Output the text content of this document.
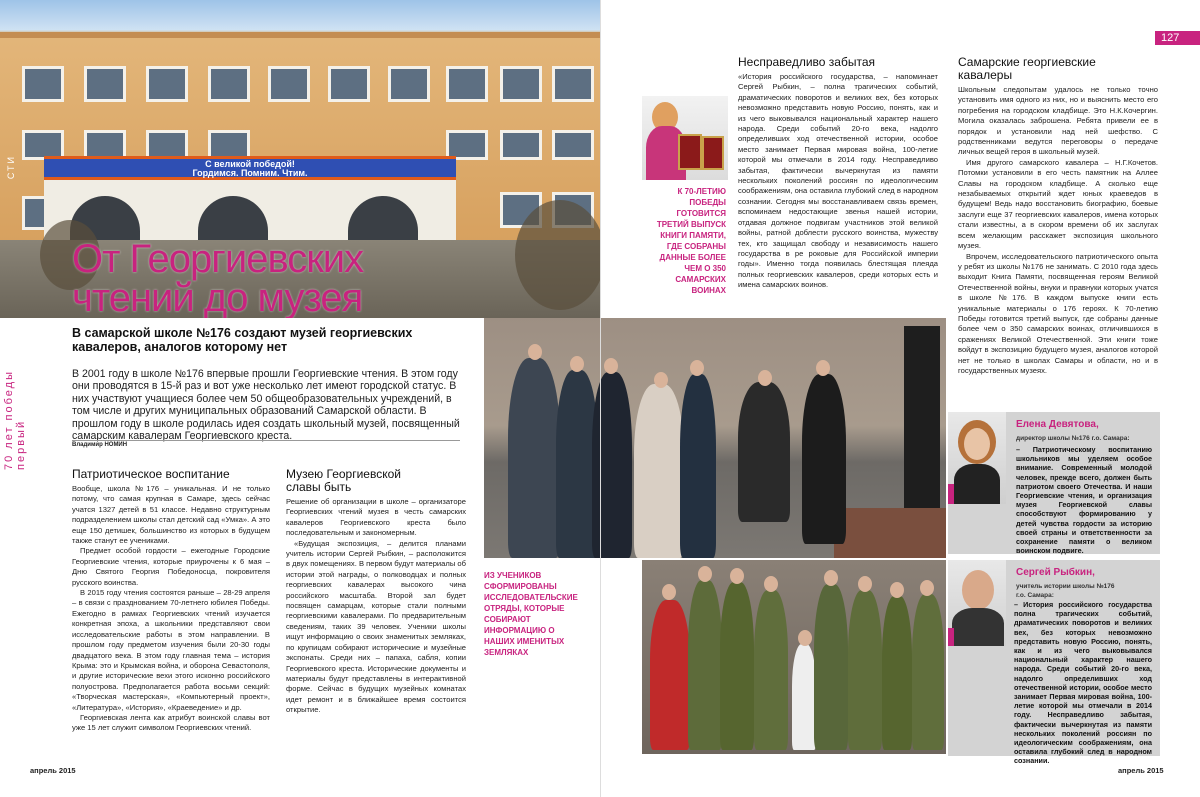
С великой победой!
Гордимся. Помним. Чтим.
СТИ
От Георгиевских
чтений до музея
70 лет победы первый
В самарской школе №176 создают музей георгиевских кавалеров, аналогов которому нет
В 2001 году в школе №176 впервые прошли Георгиевские чтения. В этом году они проводятся в 15-й раз и вот уже несколько лет имеют городской статус. В них участвуют учащиеся более чем 50 общеобразовательных учреждений, в том числе и других муниципальных образований Самарской области. В прошлом году в школе родилась идея создать школьный музей, посвященный самарским кавалерам Георгиевского креста.
Владимир НОМИН
Патриотическое воспитание

Вообще, школа №176 – уникальная. И не только потому, что самая крупная в Самаре, здесь сейчас учатся 1327 детей в 51 классе. Недавно структурным подразделением школы стал детский сад «Умка». А это еще 150 детишек, большинство из которых в будущем также станут ее учениками.

Предмет особой гордости – ежегодные Городские Георгиевские чтения, которые приурочены к 6 мая – Дню Святого Георгия Победоносца, покровителя русского воинства.

В 2015 году чтения состоятся раньше – 28-29 апреля – в связи с празднованием 70-летнего юбилея Победы. Ежегодно в рамках Георгиевских чтений изучается конкретная эпоха, а школьники представляют свои исследовательские работы в этом направлении. В прошлом году предметом изучения были 20-30 годы двадцатого века. В этом году главная тема – история Крыма: это и Крымская война, и оборона Севастополя, и другие исторические вехи этого исконно российского полуострова. Предполагается работа восьми секций: «Творческая мастерская», «Компьютерный проект», «Литература», «История», «Краеведение» и др.

Георгиевская лента как атрибут воинской славы вот уже 15 лет служит символом Георгиевских чтений.

Музею Георгиевской
славы быть

Решение об организации в школе – организаторе Георгиевских чтений музея в честь самарских кавалеров Георгиевского креста было последовательным и закономерным.

«Будущая экспозиция, – делится планами учитель истории Сергей Рыбкин, – расположится в двух помещениях. В первом будут материалы об истории этой награды, о полководцах и полных георгиевских кавалерах высокого чина российского масштаба. Второй зал будет посвящен самарцам, которые стали полными георгиевскими кавалерами. По предварительным сведениям, таких 39 человек. Ученики школы ищут информацию о своих знаменитых земляках, по крупицам собирают исторические и музейные экспонаты. Среди них – папаха, сабля, копии Георгиевского креста. Исторические документы и материалы будут представлены в интерактивной форме. Сейчас в будущих музейных комнатах идет ремонт и в ближайшее время состоится открытие.

ИЗ УЧЕНИКОВ СФОРМИРОВАНЫ ИССЛЕДОВАТЕЛЬСКИЕ ОТРЯДЫ, КОТОРЫЕ СОБИРАЮТ ИНФОРМАЦИЮ О НАШИХ ИМЕНИТЫХ ЗЕМЛЯКАХ
апрель 2015
127
К 70-ЛЕТИЮ ПОБЕДЫ ГОТОВИТСЯ ТРЕТИЙ ВЫПУСК КНИГИ ПАМЯТИ, ГДЕ СОБРАНЫ ДАННЫЕ БОЛЕЕ ЧЕМ О 350 САМАРСКИХ ВОИНАХ
Несправедливо забытая

«История российского государства, – напоминает Сергей Рыбкин, – полна трагических событий, драматических поворотов и великих вех, без которых невозможно представить новую Россию, понять, как и из чего выковывался национальный характер нашего народа. Среди событий 20-го века, надолго определивших ход отечественной истории, особое место занимает Первая мировая война, 100-летие которой мы отмечали в 2014 году. Несправедливо забытая, фактически вычеркнутая из памяти нескольких поколений россиян по идеологическим соображениям, она оставила глубокий след в народном сознании. Сегодня мы восстанавливаем связь времен, вспоминаем недостающие звенья нашей истории, отдавая должное подвигам участников этой великой войны, ратной доблести русского воинства, мужеству тех, кто защищал свободу и независимость нашего государства в ре роковые для Российской империи годы». Именно тогда появилась блестящая плеяда полных георгиевских кавалеров, среди которых есть и имена самарских воинов.

Самарские георгиевские
кавалеры

Школьным следопытам удалось не только точно установить имя одного из них, но и выяснить место его погребения на городском кладбище. Это Н.К.Кочергин. Могила оказалась заброшена. Ребята привели ее в порядок и установили над ней шефство. С родственниками ведутся переговоры о передаче личных вещей героя в школьный музей.

Имя другого самарского кавалера – Н.Г.Кочетов. Потомки установили в его честь памятник на Аллее Славы на городском кладбище. А сколько еще незабываемых открытий ждет юных краеведов в будущем! Ведь надо восстановить биографию, боевые заслуги еще 37 георгиевских кавалеров, имена которых стали известны, а в скором времени об их заслугах всем желающим расскажет экспозиция школьного музея.

Впрочем, исследовательского патриотического опыта у ребят из школы №176 не занимать. С 2010 года здесь выходит Книга Памяти, посвященная героям Великой Отечественной войны, внуки и правнуки которых учатся в школе №176. В каждом выпуске книги есть уникальные материалы о 176 героях. К 70-летию Победы готовится третий выпуск, где собраны данные более чем о 350 самарских воинах, отличившихся в сражениях Великой Отечественной. Эти книги тоже войдут в экспозицию будущего музея, аналогов которой нет не только в школах Самары и области, но и в государственных музеях.

Елена Девятова,
директор школы №176 г.о. Самара:
– Патриотическому воспитанию школьников мы уделяем особое внимание. Современный молодой человек, прежде всего, должен быть патриотом своего Отечества. И наши Георгиевские чтения, и организация музея Георгиевской славы способствуют формированию у детей чувства гордости за историю своей страны и ответственности за сохранение памяти о великом воинском подвиге.
Сергей Рыбкин,
учитель истории школы №176
г.о. Самара:
– История российского государства полна трагических событий, драматических поворотов и великих вех, без которых невозможно представить новую Россию, понять, как и из чего выковывался национальный характер нашего народа. Среди событий 20-го века, надолго определивших ход отечественной истории, особое место занимает Первая мировая война, 100-летие которой мы отмечали в 2014 году. Несправедливо забытая, фактически вычеркнутая из памяти нескольких поколений россиян по идеологическим соображениям, она оставила глубокий след в народном сознании.
апрель 2015
